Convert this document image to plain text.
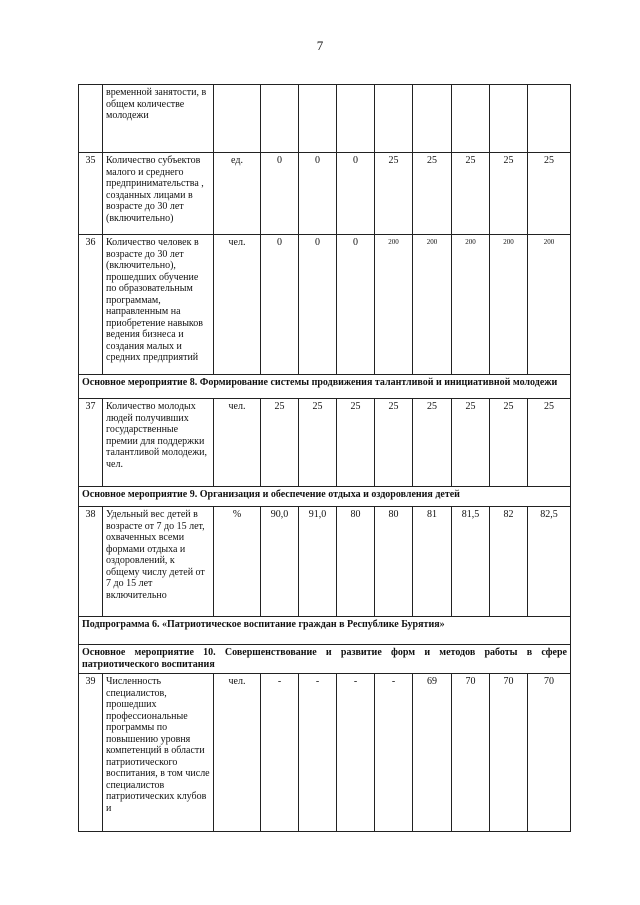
7
	временной занятости, в общем количестве молодежи									
35	Количество субъектов малого и среднего предпринимательства , созданных лицами в возрасте до 30 лет (включительно)	ед.	0	0	0	25	25	25	25	25
36	Количество человек в возрасте до 30 лет (включительно), прошедших обучение по образовательным программам, направленным на приобретение навыков ведения бизнеса и создания малых и средних предприятий	чел.	0	0	0	200	200	200	200	200
Основное мероприятие 8. Формирование системы продвижения талантливой и инициативной молодежи										
37	Количество молодых людей получивших государственные премии для поддержки талантливой молодежи, чел.	чел.	25	25	25	25	25	25	25	25
Основное мероприятие 9. Организация и обеспечение отдыха и оздоровления детей										
38	Удельный вес детей в возрасте от 7 до 15 лет, охваченных всеми формами отдыха и оздоровлений, к общему числу детей от 7 до 15 лет включительно	%	90,0	91,0	80	80	81	81,5	82	82,5
Подпрограмма 6. «Патриотическое воспитание граждан в Республике Бурятия»										
Основное мероприятие 10. Совершенствование и развитие форм и методов работы в сфере патриотического воспитания										
39	Численность специалистов, прошедших профессиональные программы по повышению уровня компетенций в области патриотического воспитания, в том числе специалистов патриотических клубов и	чел.	-	-	-	-	69	70	70	70
